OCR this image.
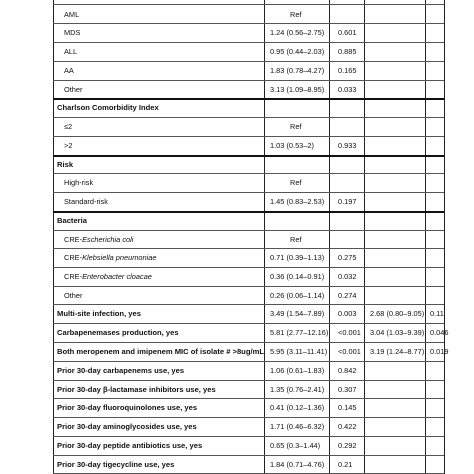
AML	Ref
MDS	1.24 (0.56–2.75) 0.601
ALL	0.95 (0.44–2.03) 0.885
AA	1.83 (0.78–4.27) 0.165
Other	3.13 (1.09–8.95) 0.033
Charlson Comorbidity Index
≤2	Ref
>2	1.03 (0.53–2)	0.933
Risk
High-risk	Ref
Standard-risk	1.45 (0.83–2.53) 0.197
Bacteria
CRE-Escherichia coli	Ref
CRE-Klebsiella pneumoniae	0.71 (0.39–1.13) 0.275
CRE-Enterobacter cloacae	0.36 (0.14–0.91) 0.032
Other	0.26 (0.06–1.14) 0.274
Multi-site infection, yes	3.49 (1.54–7.89) 0.003 2.68 (0.80–9.05) 0.11
Carbapenemases production, yes	5.81 (2.77–12.16) <0.001 3.04 (1.03–9.39) 0.046
Both meropenem and imipenem MIC of isolate # >8ug/mL 5.95 (3.11–11.41) <0.001 3.19 (1.24–8.77) 0.019
Prior 30-day carbapenems use, yes	1.06 (0.61–1.83) 0.842
Prior 30-day β-lactamase inhibitors use, yes	1.35 (0.76–2.41) 0.307
Prior 30-day fluoroquinolones use, yes	0.41 (0.12–1.36) 0.145
Prior 30-day aminoglycosides use, yes	1.71 (0.46–6.32) 0.422
Prior 30-day peptide antibiotics use, yes	0.65 (0.3–1.44) 0.292
Prior 30-day tigecycline use, yes	1.84 (0.71–4.76) 0.21
